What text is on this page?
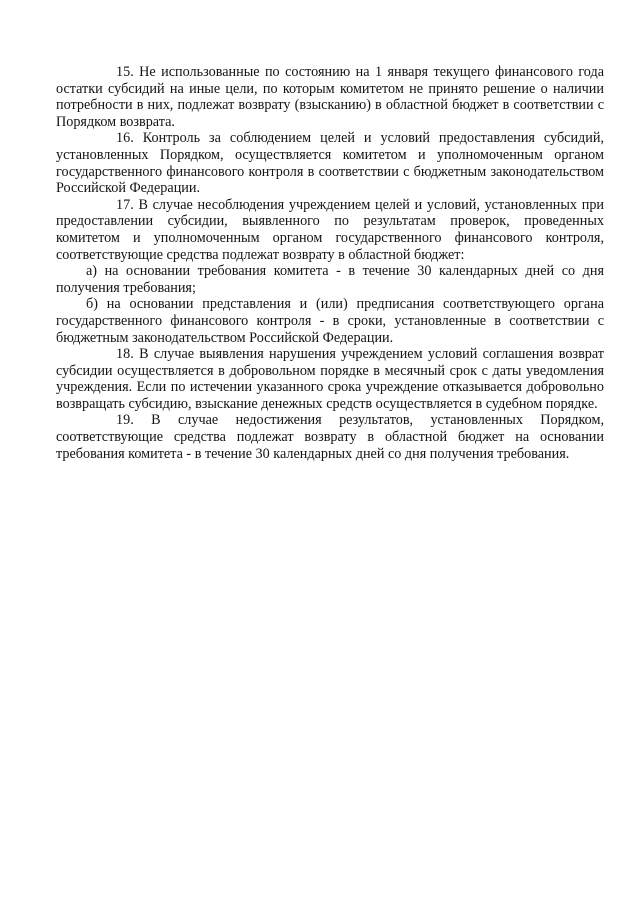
15. Не использованные по состоянию на 1 января текущего финансового года остатки субсидий на иные цели, по которым комитетом не принято решение о наличии потребности в них, подлежат возврату (взысканию) в областной бюджет в соответствии с Порядком возврата.

16. Контроль за соблюдением целей и условий предоставления субсидий, установленных Порядком, осуществляется комитетом и уполномоченным органом государственного финансового контроля в соответствии с бюджетным законодательством Российской Федерации.

17. В случае несоблюдения учреждением целей и условий, установленных при предоставлении субсидии, выявленного по результатам проверок, проведенных комитетом и уполномоченным органом государственного финансового контроля, соответствующие средства подлежат возврату в областной бюджет:

а) на основании требования комитета - в течение 30 календарных дней со дня получения требования;

б) на основании представления и (или) предписания соответствующего органа государственного финансового контроля - в сроки, установленные в соответствии с бюджетным законодательством Российской Федерации.

18. В случае выявления нарушения учреждением условий соглашения возврат субсидии осуществляется в добровольном порядке в месячный срок с даты уведомления учреждения. Если по истечении указанного срока учреждение отказывается добровольно возвращать субсидию, взыскание денежных средств осуществляется в судебном порядке.

19. В случае недостижения результатов, установленных Порядком, соответствующие средства подлежат возврату в областной бюджет на основании требования комитета - в течение 30 календарных дней со дня получения требования.
